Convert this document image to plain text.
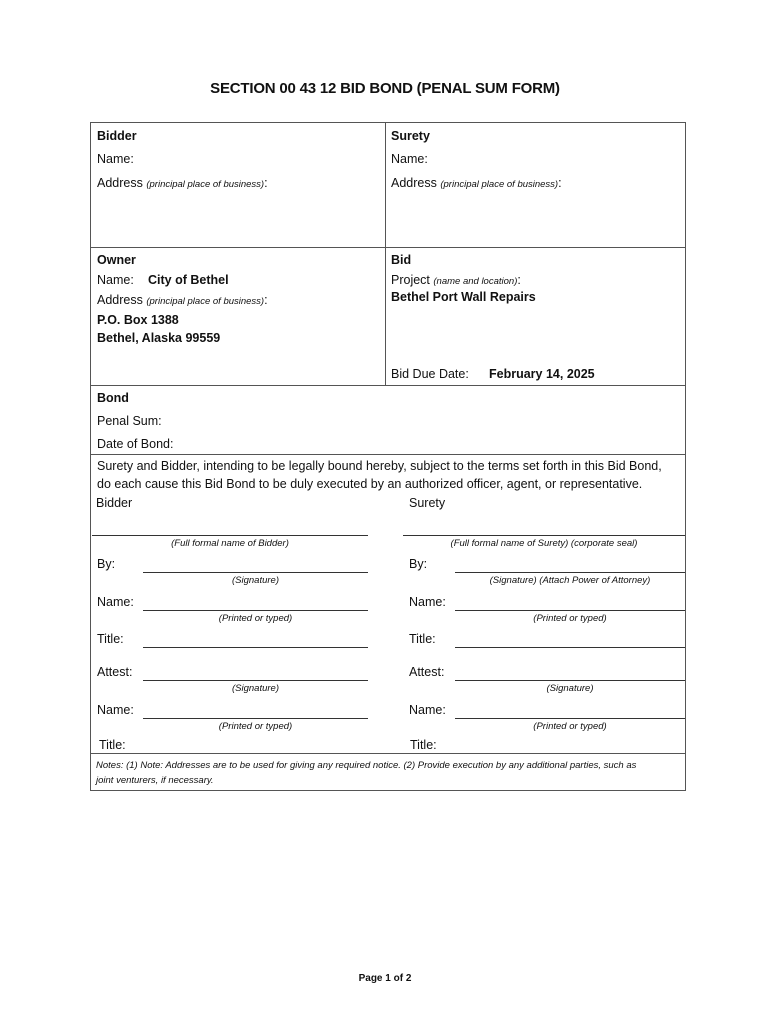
SECTION 00 43 12 BID BOND (PENAL SUM FORM)
Bidder
Name:
Address (principal place of business):
Surety
Name:
Address (principal place of business):
Owner
Name: City of Bethel
Address (principal place of business):
P.O. Box 1388
Bethel, Alaska 99559
Bid
Project (name and location):
Bethel Port Wall Repairs
Bid Due Date: February 14, 2025
Bond
Penal Sum:
Date of Bond:
Surety and Bidder, intending to be legally bound hereby, subject to the terms set forth in this Bid Bond,
do each cause this Bid Bond to be duly executed by an authorized officer, agent, or representative.
Bidder
(Full formal name of Bidder)
By:
(Signature)
Name:
(Printed or typed)
Title:
Attest:
(Signature)
Name:
(Printed or typed)
Title:
Surety
(Full formal name of Surety) (corporate seal)
By:
(Signature) (Attach Power of Attorney)
Name:
(Printed or typed)
Title:
Attest:
(Signature)
Name:
(Printed or typed)
Title:
Notes: (1) Note: Addresses are to be used for giving any required notice. (2) Provide execution by any additional parties, such as
joint venturers, if necessary.
Page 1 of 2
